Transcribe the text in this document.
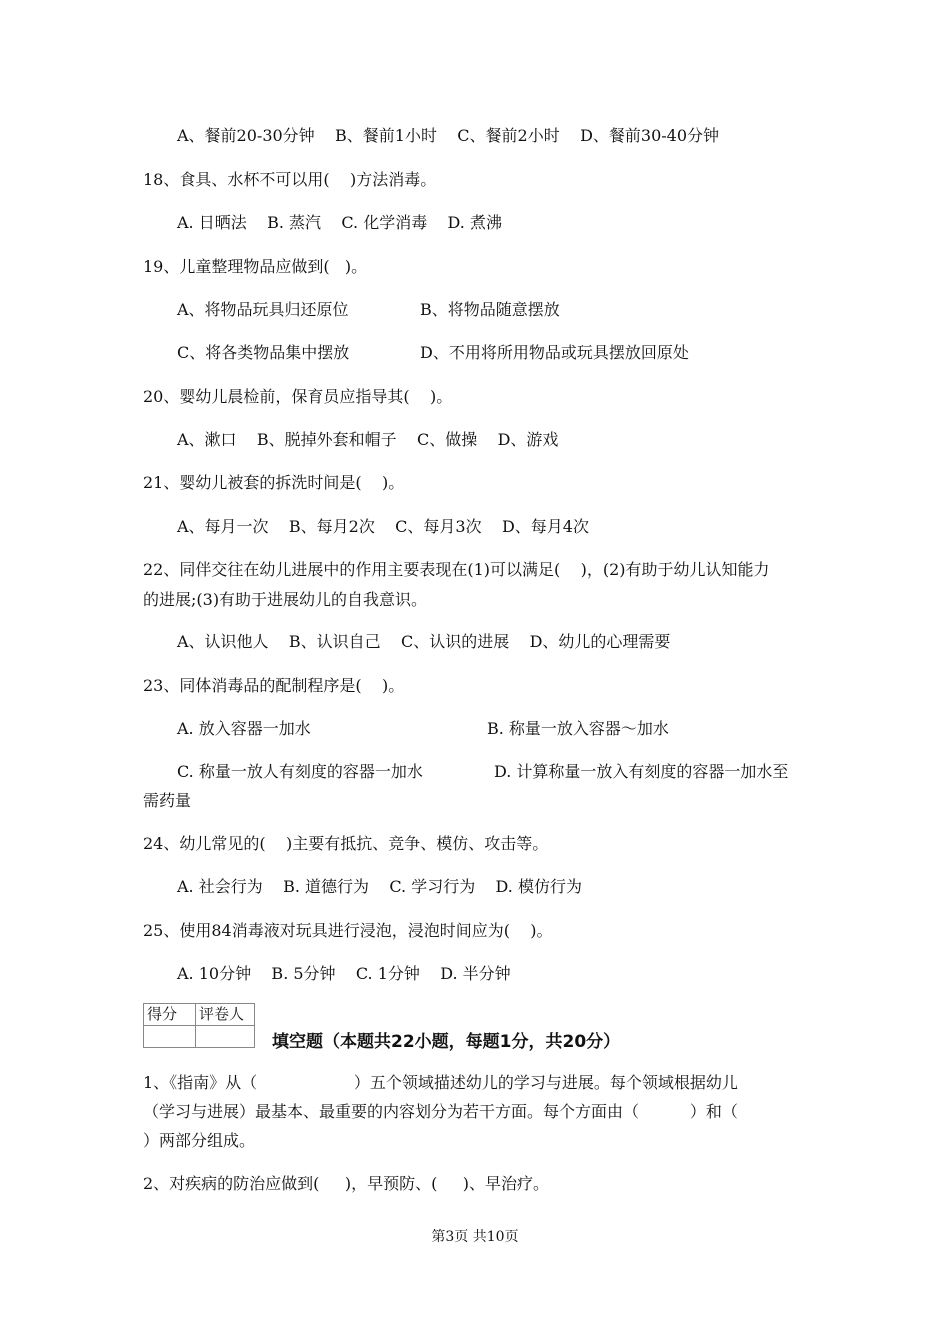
A、餐前20-30分钟    B、餐前1小时    C、餐前2小时    D、餐前30-40分钟
18、食具、水杯不可以用(    )方法消毒。
A. 日晒法    B. 蒸汽    C. 化学消毒    D. 煮沸
19、儿童整理物品应做到(   )。
A、将物品玩具归还原位	B、将物品随意摆放
C、将各类物品集中摆放	D、不用将所用物品或玩具摆放回原处
20、婴幼儿晨检前，保育员应指导其(    )。
A、漱口    B、脱掉外套和帽子    C、做操    D、游戏
21、婴幼儿被套的拆洗时间是(    )。
A、每月一次    B、每月2次    C、每月3次    D、每月4次
22、同伴交往在幼儿进展中的作用主要表现在(1)可以满足(    )，(2)有助于幼儿认知能力
的进展;(3)有助于进展幼儿的自我意识。
A、认识他人    B、认识自己    C、认识的进展    D、幼儿的心理需要
23、同体消毒品的配制程序是(    )。
A. 放入容器一加水	B. 称量一放入容器～加水
C. 称量一放人有刻度的容器一加水	D. 计算称量一放入有刻度的容器一加水至
需药量
24、幼儿常见的(    )主要有抵抗、竞争、模仿、攻击等。
A. 社会行为    B. 道德行为    C. 学习行为    D. 模仿行为
25、使用84消毒液对玩具进行浸泡，浸泡时间应为(    )。
A. 10分钟    B. 5分钟    C. 1分钟    D. 半分钟
得分	评卷人

填空题（本题共22小题，每题1分，共20分）
1、《指南》从（                   ）五个领域描述幼儿的学习与进展。每个领域根据幼儿
（学习与进展）最基本、最重要的内容划分为若干方面。每个方面由（          ）和（
）两部分组成。
2、对疾病的防治应做到(     )，早预防、(     )、早治疗。
第3页 共10页
